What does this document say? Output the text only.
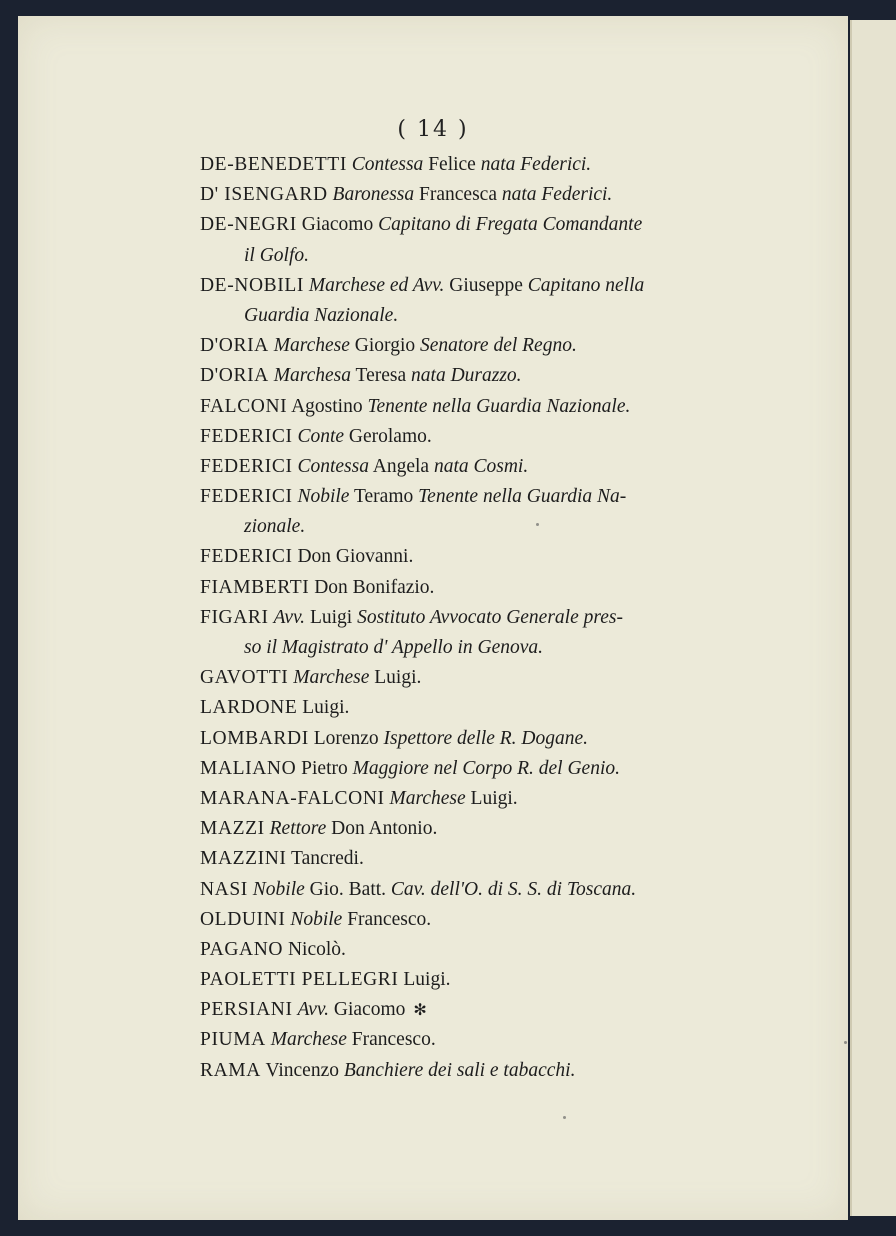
( 14 )
DE-BENEDETTI Contessa Felice nata Federici.
D' ISENGARD Baronessa Francesca nata Federici.
DE-NEGRI Giacomo Capitano di Fregata Comandante
il Golfo.
DE-NOBILI Marchese ed Avv. Giuseppe Capitano nella
Guardia Nazionale.
D'ORIA Marchese Giorgio Senatore del Regno.
D'ORIA Marchesa Teresa nata Durazzo.
FALCONI Agostino Tenente nella Guardia Nazionale.
FEDERICI Conte Gerolamo.
FEDERICI Contessa Angela nata Cosmi.
FEDERICI Nobile Teramo Tenente nella Guardia Na-
zionale.
FEDERICI Don Giovanni.
FIAMBERTI Don Bonifazio.
FIGARI Avv. Luigi Sostituto Avvocato Generale pres-
so il Magistrato d' Appello in Genova.
GAVOTTI Marchese Luigi.
LARDONE Luigi.
LOMBARDI Lorenzo Ispettore delle R. Dogane.
MALIANO Pietro Maggiore nel Corpo R. del Genio.
MARANA-FALCONI Marchese Luigi.
MAZZI Rettore Don Antonio.
MAZZINI Tancredi.
NASI Nobile Gio. Batt. Cav. dell'O. di S. S. di Toscana.
OLDUINI Nobile Francesco.
PAGANO Nicolò.
PAOLETTI PELLEGRI Luigi.
PERSIANI Avv. Giacomo ✻
PIUMA Marchese Francesco.
RAMA Vincenzo Banchiere dei sali e tabacchi.
